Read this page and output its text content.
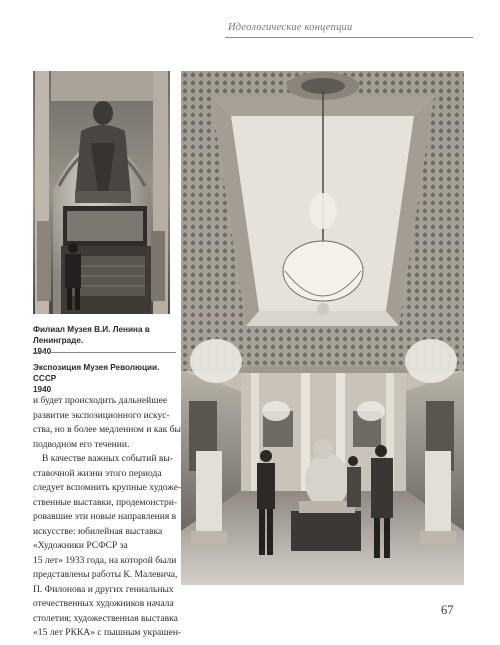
Идеологические концепции
Филиал Музея В.И. Ленина в Ленинграде.
1940
Экспозиция Музея Революции. СССР
1940
и будет происходить дальнейшее
развитие экспозиционного искус-
ства, но в более медленном и как бы
подводном его течении.
В качестве важных событий вы-
ставочной жизни этого периода
следует вспомнить крупные художе-
ственные выставки, продемонстри-
ровавшие эти новые направления в
искусстве: юбилейная выставка «Художники РСФСР за
15 лет» 1933 года, на которой были
представлены работы К. Малевича,
П. Филонова и других гениальных
отечественных художников начала
столетия; художественная выставка
«15 лет РККА» с пышным украшен-
67
